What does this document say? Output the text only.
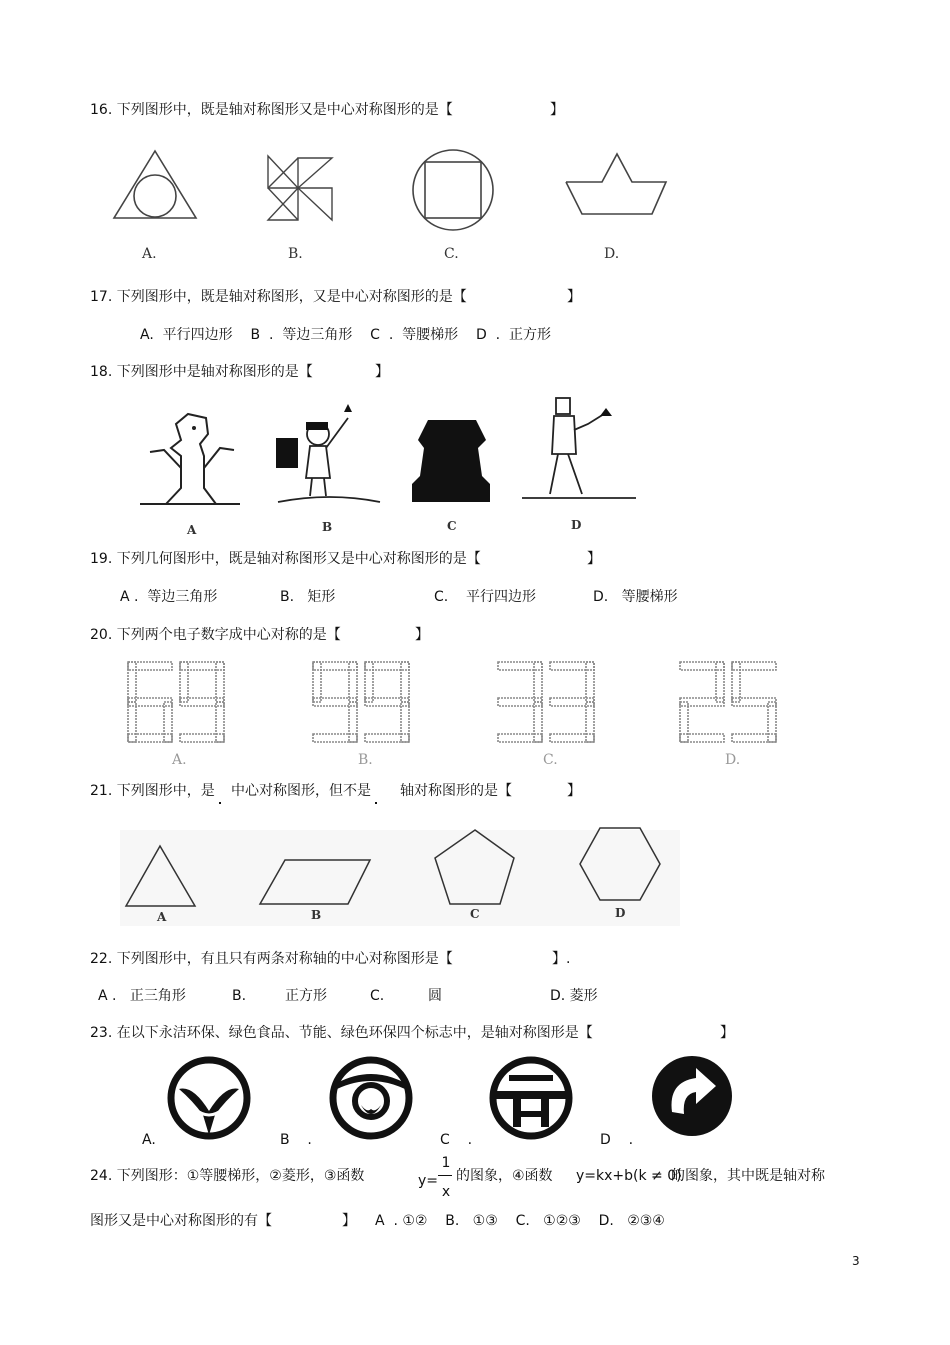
16. 下列图形中，既是轴对称图形又是中心对称图形的是【	】
A.	B.	C.	D.
17. 下列图形中，既是轴对称图形，又是中心对称图形的是【	】
A.  平行四边形    B  .  等边三角形    C  .  等腰梯形    D  .  正方形
18. 下列图形中是轴对称图形的是【	】
A	B	C	D
19. 下列几何图形中，既是轴对称图形又是中心对称图形的是【	】
A .  等边三角形	B.   矩形	C.    平行四边形	D.   等腰梯形
20. 下列两个电子数字成中心对称的是【	】
A.	B.	C.	D.
21. 下列图形中，是 中心对称图形，但不是 轴对称图形的是【	】
A	B	C	D
22. 下列图形中，有且只有两条对称轴的中心对称图形是【	】.
A .   正三角形	B.	正方形	C.	圆	D. 菱形
23. 在以下永洁环保、绿色食品、节能、绿色环保四个标志中，是轴对称图形是【	】
A.	B    .	C    .	D    .
24. 下列图形：①等腰梯形，②菱形，③函数	y=
1
x
的图象，④函数 y=kx+b(k ≠ 0)
的图象，其中既是轴对称
图形又是中心对称图形的有【	】 A  . ①②    B.   ①③    C.   ①②③    D.   ②③④
3
